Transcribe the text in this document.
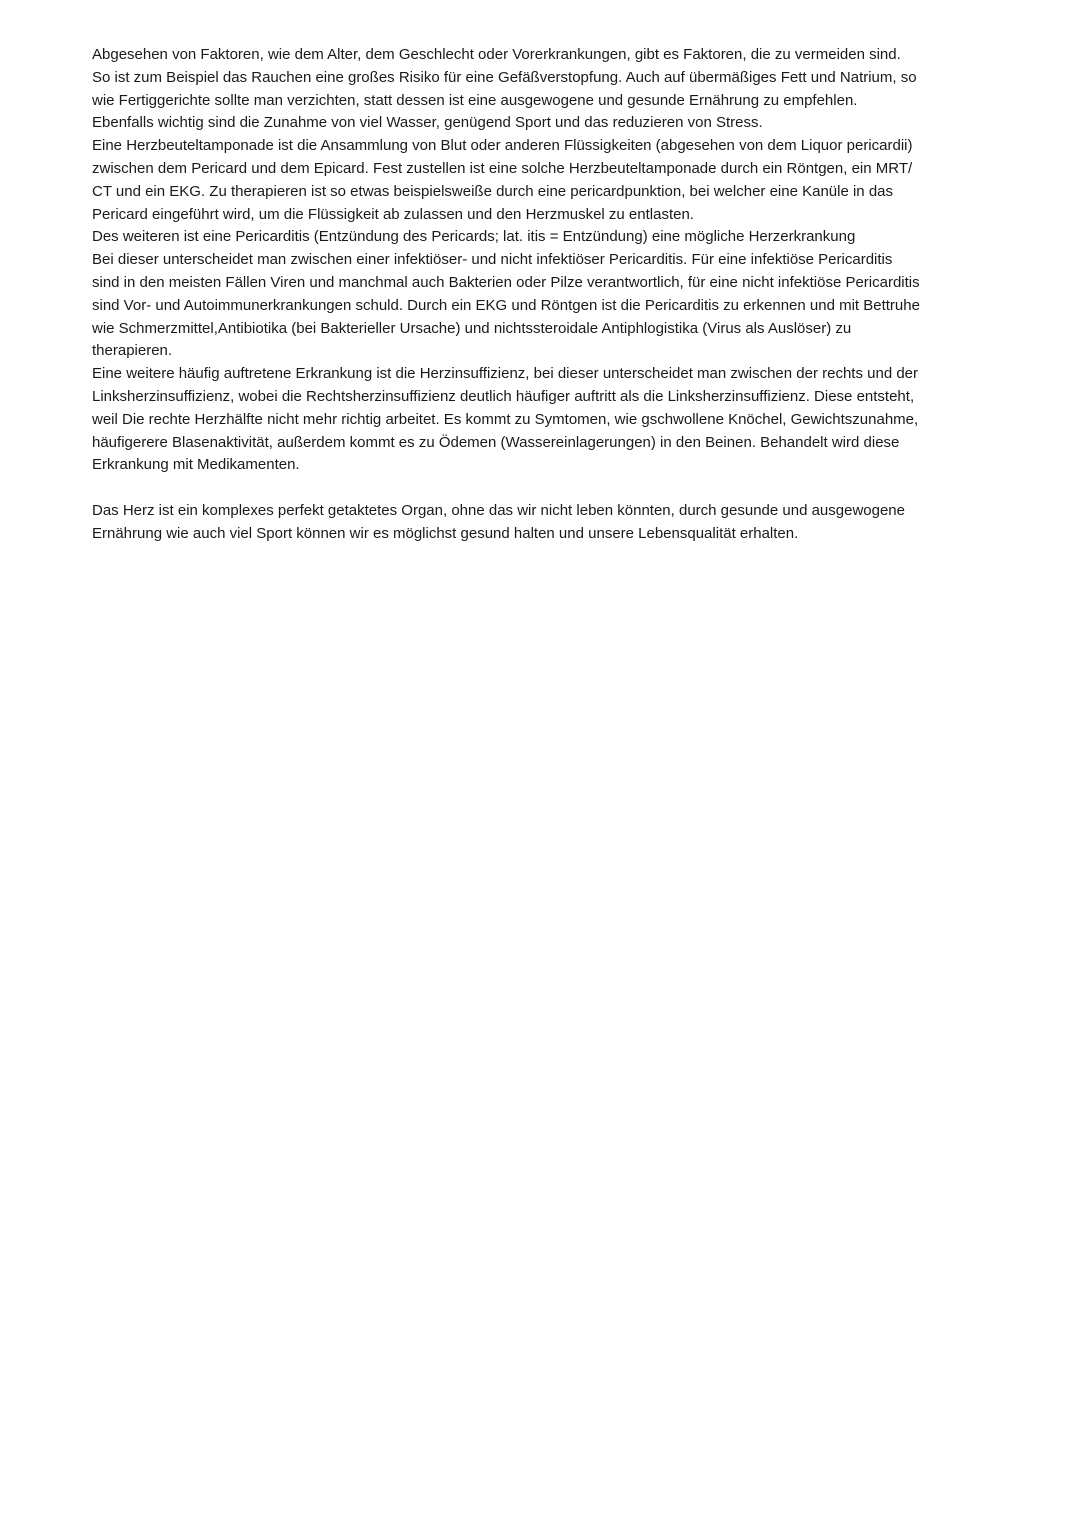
Abgesehen von Faktoren, wie dem Alter, dem Geschlecht oder Vorerkrankungen, gibt es Faktoren, die zu vermeiden sind.
So ist zum Beispiel das Rauchen eine großes Risiko für eine Gefäßverstopfung. Auch auf übermäßiges Fett und Natrium, so
wie Fertiggerichte sollte man verzichten, statt dessen ist eine ausgewogene und gesunde Ernährung zu empfehlen.
Ebenfalls wichtig sind die Zunahme von viel Wasser, genügend Sport und das reduzieren von Stress.
Eine Herzbeuteltamponade ist die Ansammlung von Blut oder anderen Flüssigkeiten (abgesehen von dem Liquor pericardii)
zwischen dem Pericard und dem Epicard. Fest zustellen ist eine solche Herzbeuteltamponade durch ein Röntgen, ein MRT/
CT und ein EKG. Zu therapieren ist so etwas beispielsweiße durch eine pericardpunktion, bei welcher eine Kanüle in das
Pericard eingeführt wird, um die Flüssigkeit ab zulassen und den Herzmuskel zu entlasten.
Des weiteren ist eine Pericarditis (Entzündung des Pericards; lat. itis = Entzündung) eine mögliche Herzerkrankung
Bei dieser unterscheidet man zwischen einer infektiöser- und nicht infektiöser Pericarditis. Für eine infektiöse Pericarditis
sind in den meisten Fällen Viren und manchmal auch Bakterien oder Pilze verantwortlich, für eine nicht infektiöse Pericarditis
sind Vor- und Autoimmunerkrankungen schuld. Durch ein EKG und Röntgen ist die Pericarditis zu erkennen und mit Bettruhe
wie Schmerzmittel,Antibiotika (bei Bakterieller Ursache) und nichtssteroidale Antiphlogistika (Virus als Auslöser) zu
therapieren.
Eine weitere häufig auftretene Erkrankung ist die Herzinsuffizienz, bei dieser unterscheidet man zwischen der rechts und der
Linksherzinsuffizienz, wobei die Rechtsherzinsuffizienz deutlich häufiger auftritt als die Linksherzinsuffizienz. Diese entsteht,
weil Die rechte Herzhälfte nicht mehr richtig arbeitet. Es kommt zu Symtomen, wie gschwollene Knöchel, Gewichtszunahme,
häufigerere Blasenaktivität, außerdem kommt es zu Ödemen (Wassereinlagerungen) in den Beinen. Behandelt wird diese
Erkrankung mit Medikamenten.
Das Herz ist ein komplexes perfekt getaktetes Organ, ohne das wir nicht leben könnten, durch gesunde und ausgewogene
Ernährung wie auch viel Sport können wir es möglichst gesund halten und unsere Lebensqualität erhalten.
